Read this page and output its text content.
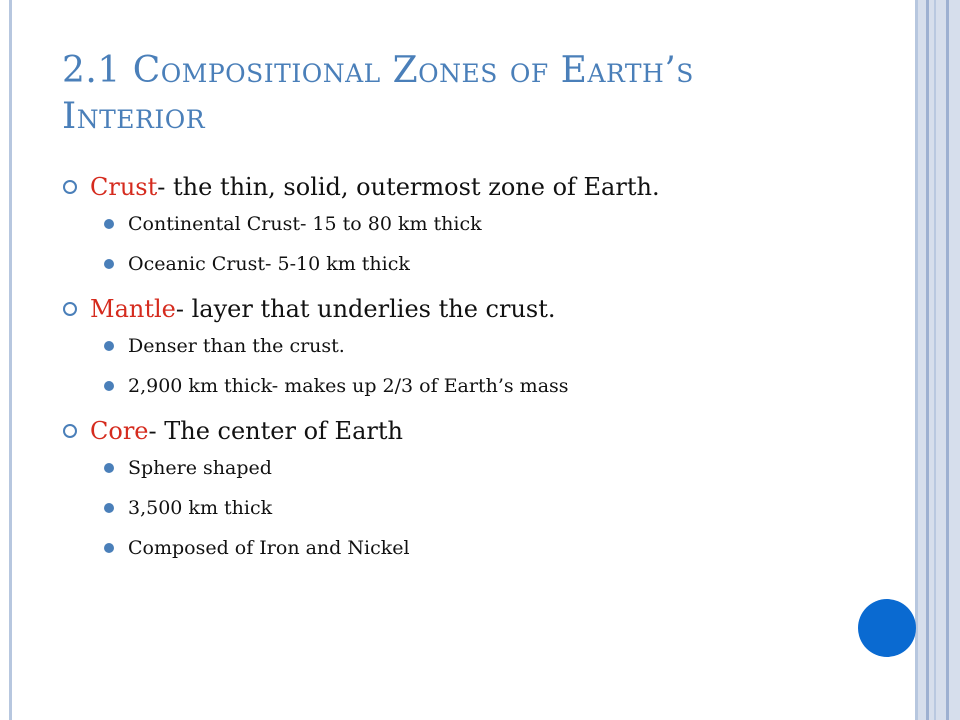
2.1 Compositional Zones of Earth’s
Interior
Crust- the thin, solid, outermost zone of Earth.
Continental Crust- 15 to 80 km thick
Oceanic Crust- 5-10 km thick
Mantle- layer that underlies the crust.
Denser than the crust.
2,900 km thick- makes up 2/3 of Earth’s mass
Core- The center of Earth
Sphere shaped
3,500 km thick
Composed of Iron and Nickel
